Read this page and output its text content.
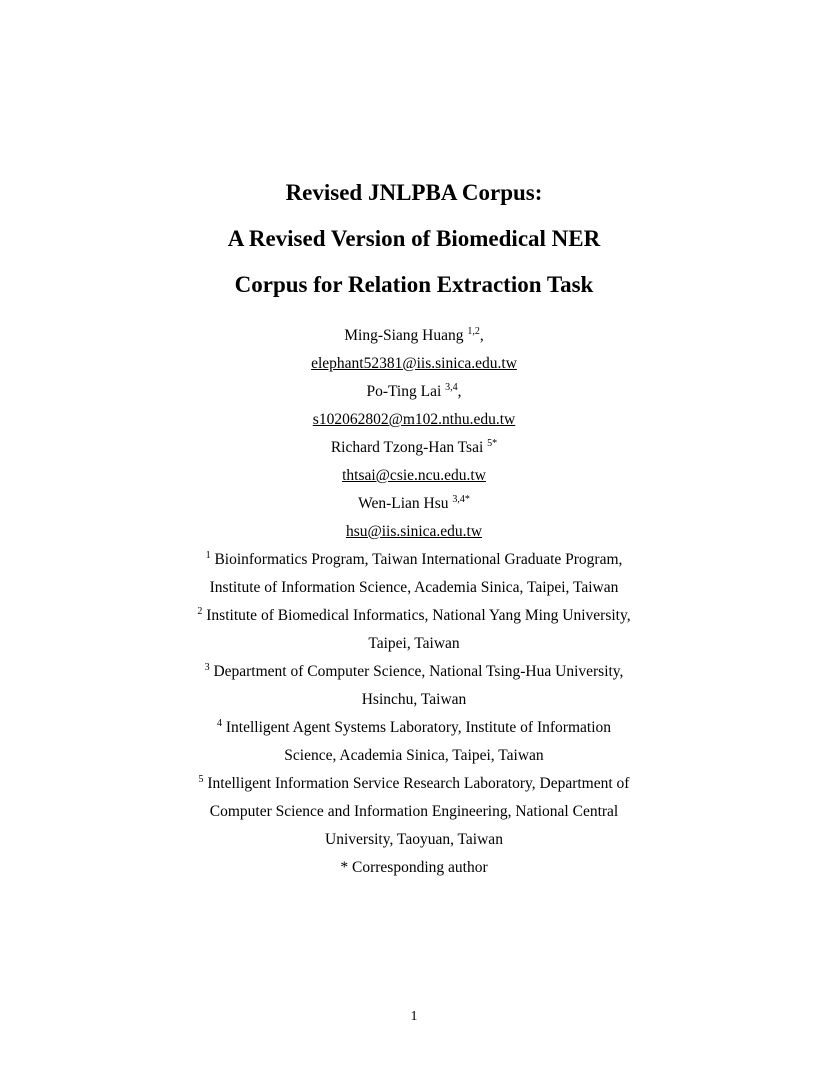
Revised JNLPBA Corpus:
A Revised Version of Biomedical NER
Corpus for Relation Extraction Task
Ming-Siang Huang $^{1,2}$,
elephant52381@iis.sinica.edu.tw
Po-Ting Lai $^{3,4}$,
s102062802@m102.nthu.edu.tw
Richard Tzong-Han Tsai $^{5*}$
thtsai@csie.ncu.edu.tw
Wen-Lian Hsu $^{3,4*}$
hsu@iis.sinica.edu.tw
$^1$ Bioinformatics Program, Taiwan International Graduate Program,
Institute of Information Science, Academia Sinica, Taipei, Taiwan
$^2$ Institute of Biomedical Informatics, National Yang Ming University,
Taipei, Taiwan
$^3$ Department of Computer Science, National Tsing-Hua University,
Hsinchu, Taiwan
$^4$ Intelligent Agent Systems Laboratory, Institute of Information
Science, Academia Sinica, Taipei, Taiwan
$^5$ Intelligent Information Service Research Laboratory, Department of
Computer Science and Information Engineering, National Central
University, Taoyuan, Taiwan
* Corresponding author
1
